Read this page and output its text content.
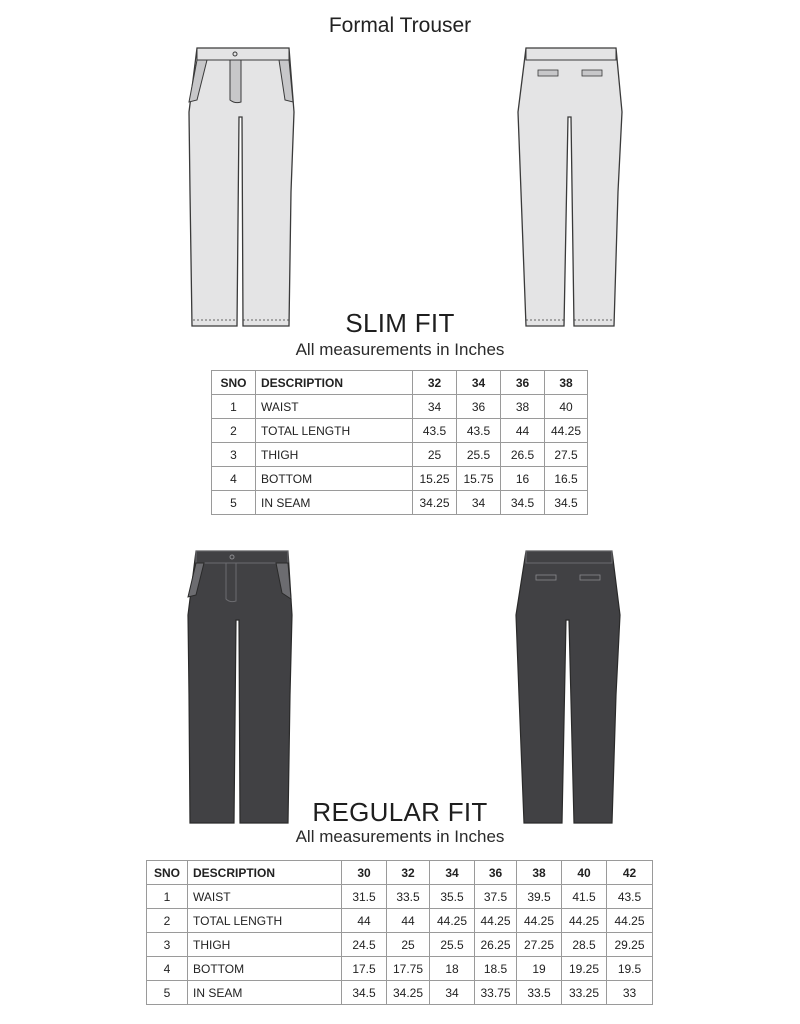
Formal Trouser
SLIM FIT
All measurements in Inches
SNO	DESCRIPTION	32	34	36	38
1	WAIST	34	36	38	40
2	TOTAL LENGTH	43.5	43.5	44	44.25
3	THIGH	25	25.5	26.5	27.5
4	BOTTOM	15.25	15.75	16	16.5
5	IN SEAM	34.25	34	34.5	34.5
REGULAR FIT
All measurements in Inches
SNO	DESCRIPTION	30	32	34	36	38	40	42
1	WAIST	31.5	33.5	35.5	37.5	39.5	41.5	43.5
2	TOTAL LENGTH	44	44	44.25	44.25	44.25	44.25	44.25
3	THIGH	24.5	25	25.5	26.25	27.25	28.5	29.25
4	BOTTOM	17.5	17.75	18	18.5	19	19.25	19.5
5	IN SEAM	34.5	34.25	34	33.75	33.5	33.25	33
